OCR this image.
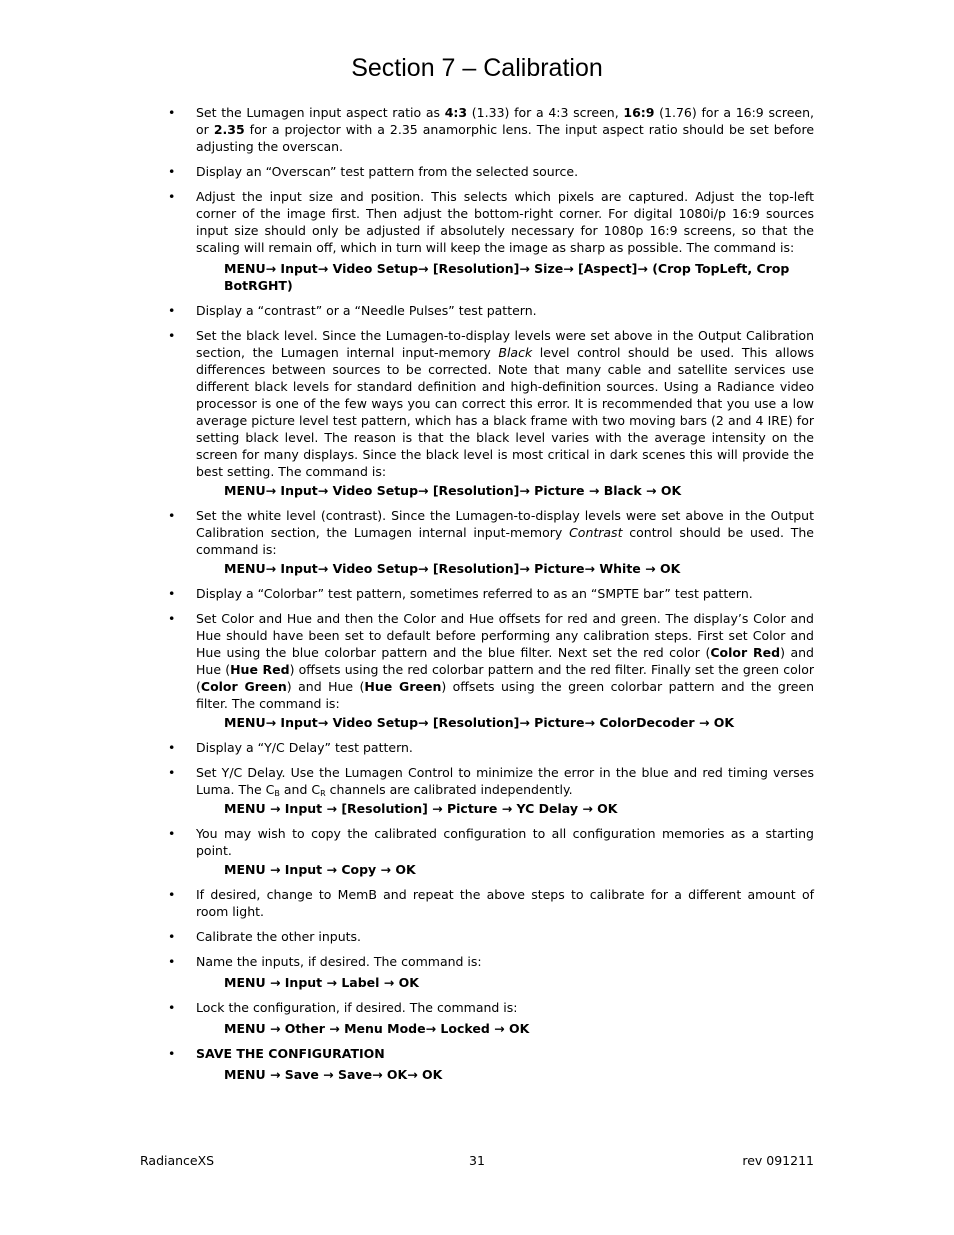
Section 7 – Calibration
• Set the Lumagen input aspect ratio as 4:3 (1.33) for a 4:3 screen, 16:9 (1.76) for a 16:9 screen, or 2.35 for a projector with a 2.35 anamorphic lens. The input aspect ratio should be set before adjusting the overscan.
• Display an “Overscan” test pattern from the selected source.
• Adjust the input size and position. This selects which pixels are captured. Adjust the top-left corner of the image first. Then adjust the bottom-right corner. For digital 1080i/p 16:9 sources input size should only be adjusted if absolutely necessary for 1080p 16:9 screens, so that the scaling will remain off, which in turn will keep the image as sharp as possible. The command is:
MENU→ Input→ Video Setup→ [Resolution]→ Size→ [Aspect]→ (Crop TopLeft, Crop BotRGHT)
• Display a “contrast” or a “Needle Pulses” test pattern.
• Set the black level. Since the Lumagen-to-display levels were set above in the Output Calibration section, the Lumagen internal input-memory Black level control should be used. This allows differences between sources to be corrected. Note that many cable and satellite services use different black levels for standard definition and high-definition sources. Using a Radiance video processor is one of the few ways you can correct this error. It is recommended that you use a low average picture level test pattern, which has a black frame with two moving bars (2 and 4 IRE) for setting black level. The reason is that the black level varies with the average intensity on the screen for many displays. Since the black level is most critical in dark scenes this will provide the best setting. The command is:
MENU→ Input→ Video Setup→ [Resolution]→ Picture → Black → OK
• Set the white level (contrast). Since the Lumagen-to-display levels were set above in the Output Calibration section, the Lumagen internal input-memory Contrast control should be used. The command is:
MENU→ Input→ Video Setup→ [Resolution]→ Picture→ White → OK
• Display a “Colorbar” test pattern, sometimes referred to as an “SMPTE bar” test pattern.
• Set Color and Hue and then the Color and Hue offsets for red and green. The display’s Color and Hue should have been set to default before performing any calibration steps. First set Color and Hue using the blue colorbar pattern and the blue filter. Next set the red color (Color Red) and Hue (Hue Red) offsets using the red colorbar pattern and the red filter. Finally set the green color (Color Green) and Hue (Hue Green) offsets using the green colorbar pattern and the green filter. The command is:
MENU→ Input→ Video Setup→ [Resolution]→ Picture→ ColorDecoder → OK
• Display a “Y/C Delay” test pattern.
• Set Y/C Delay. Use the Lumagen Control to minimize the error in the blue and red timing verses Luma. The $C_B$ and $C_R$ channels are calibrated independently.
MENU → Input → [Resolution] → Picture → YC Delay → OK
• You may wish to copy the calibrated configuration to all configuration memories as a starting point.
MENU → Input → Copy → OK
• If desired, change to MemB and repeat the above steps to calibrate for a different amount of room light.
• Calibrate the other inputs.
• Name the inputs, if desired. The command is:
MENU → Input → Label → OK
• Lock the configuration, if desired. The command is:
MENU → Other → Menu Mode→ Locked → OK
• SAVE THE CONFIGURATION
MENU → Save → Save→ OK→ OK
RadianceXS	31	rev 091211
